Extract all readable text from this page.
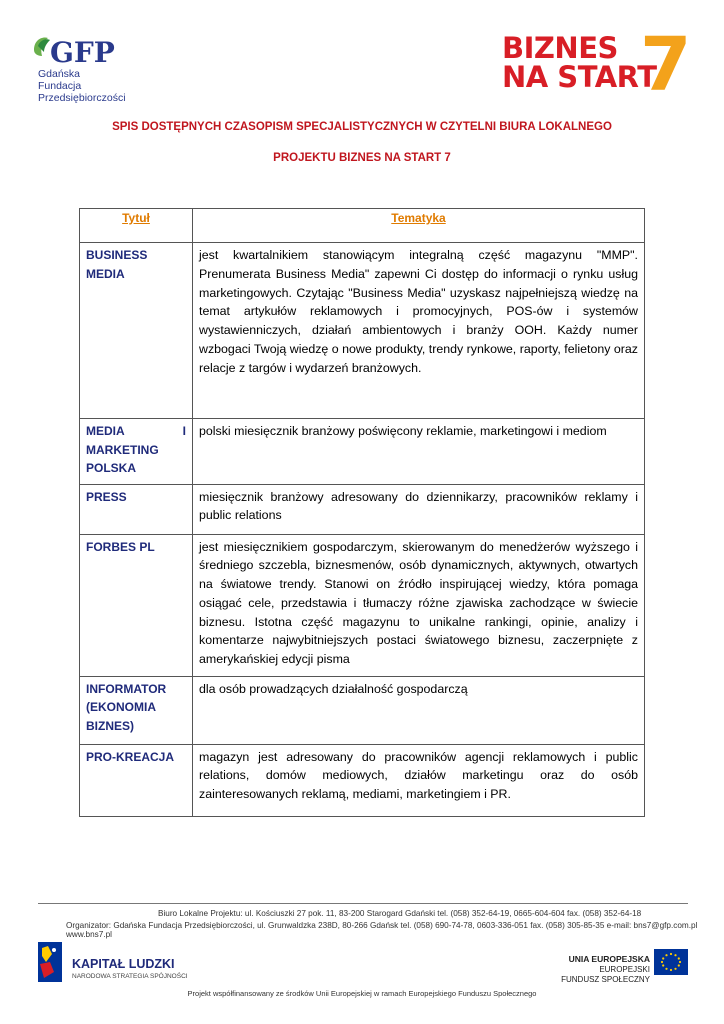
GFP
Gdańska Fundacja
Przedsiębiorczości
BIZNES
NA START
7
SPIS DOSTĘPNYCH CZASOPISM SPECJALISTYCZNYCH W CZYTELNI BIURA LOKALNEGO
PROJEKTU BIZNES NA START 7
Tytuł	Tematyka
BUSINESS MEDIA	jest kwartalnikiem stanowiącym integralną część magazynu "MMP". Prenumerata Business Media" zapewni Ci dostęp do informacji o rynku usług marketingowych. Czytając "Business Media" uzyskasz najpełniejszą wiedzę na temat artykułów reklamowych i promocyjnych, POS-ów i systemów wystawienniczych, działań ambientowych i branży OOH. Każdy numer wzbogaci Twoją wiedzę o nowe produkty, trendy rynkowe, raporty, felietony oraz relacje z targów i wydarzeń branżowych.

MEDIA I
MARKETING
POLSKA	polski miesięcznik branżowy poświęcony reklamie, marketingowi i mediom
PRESS	miesięcznik branżowy adresowany do dziennikarzy, pracowników reklamy i public relations
FORBES PL	jest miesięcznikiem gospodarczym, skierowanym do menedżerów wyższego i średniego szczebla, biznesmenów, osób dynamicznych, aktywnych, otwartych na światowe trendy. Stanowi on źródło inspirującej wiedzy, która pomaga osiągać cele, przedstawia i tłumaczy różne zjawiska zachodzące w świecie biznesu. Istotna część magazynu to unikalne rankingi, opinie, analizy i komentarze najwybitniejszych postaci światowego biznesu, zaczerpnięte z amerykańskiej edycji pisma

INFORMATOR
(EKONOMIA
BIZNES)	dla osób prowadzących działalność gospodarczą
PRO-KREACJA	magazyn jest adresowany do pracowników agencji reklamowych i public relations, domów mediowych, działów marketingu oraz do osób zainteresowanych reklamą, mediami, marketingiem i PR.
Biuro Lokalne Projektu: ul. Kościuszki 27 pok. 11, 83-200 Starogard Gdański tel. (058) 352-64-19, 0665-604-604 fax. (058) 352-64-18
Organizator: Gdańska Fundacja Przedsiębiorczości, ul. Grunwaldzka 238D, 80-266 Gdańsk tel. (058) 690-74-78, 0603-336-051 fax. (058) 305-85-35 e-mail: bns7@gfp.com.pl www.bns7.pl
KAPITAŁ LUDZKI
NARODOWA STRATEGIA SPÓJNOŚCI
UNIA EUROPEJSKA
EUROPEJSKI
FUNDUSZ SPOŁECZNY
Projekt współfinansowany ze środków Unii Europejskiej w ramach Europejskiego Funduszu Społecznego
